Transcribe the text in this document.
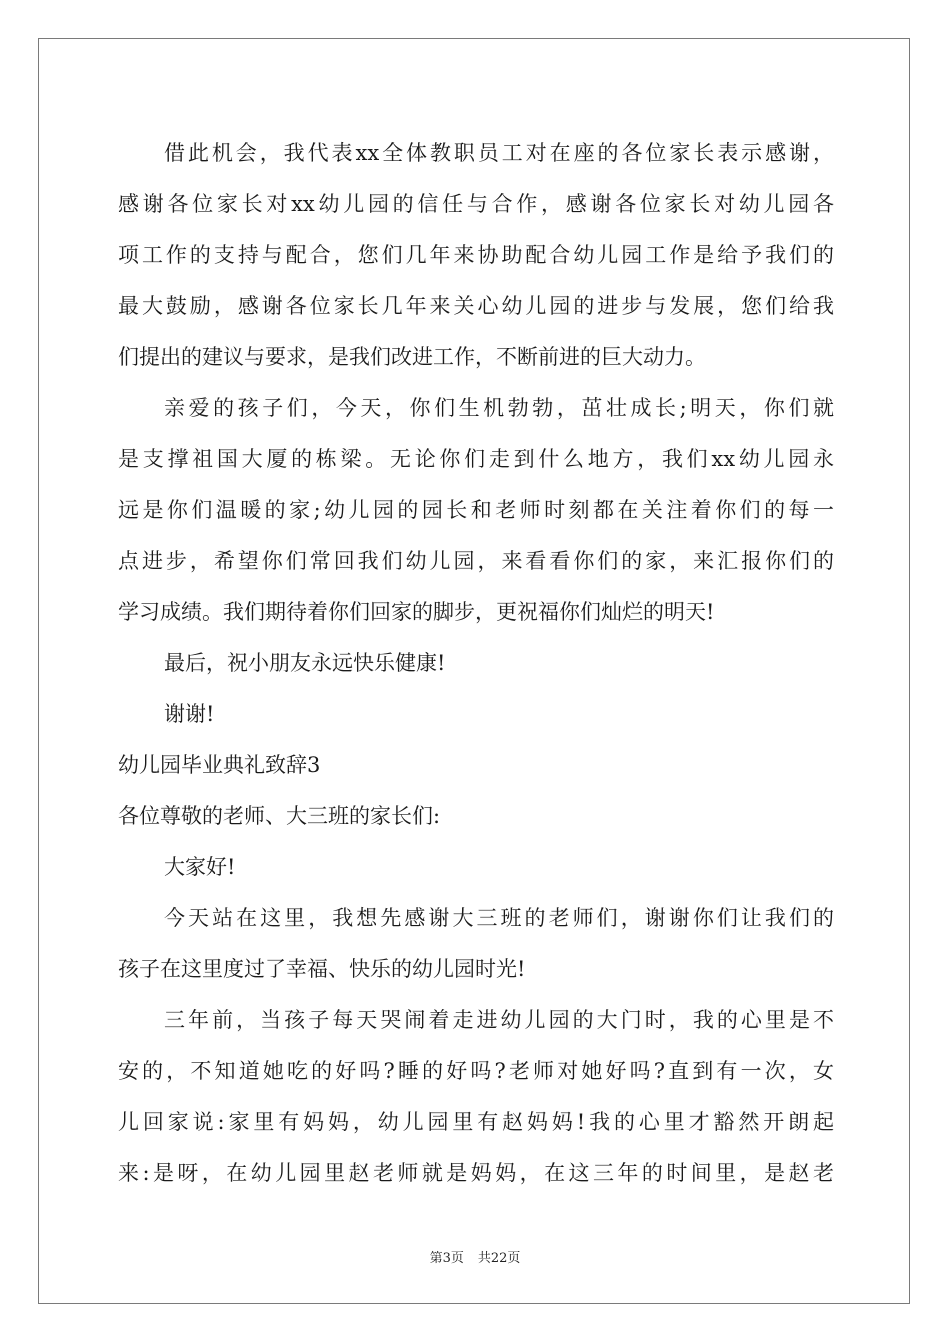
借此机会，我代表xx全体教职员工对在座的各位家长表示感谢，
感谢各位家长对xx幼儿园的信任与合作，感谢各位家长对幼儿园各
项工作的支持与配合，您们几年来协助配合幼儿园工作是给予我们的
最大鼓励，感谢各位家长几年来关心幼儿园的进步与发展，您们给我
们提出的建议与要求，是我们改进工作，不断前进的巨大动力。
亲爱的孩子们，今天，你们生机勃勃，茁壮成长;明天，你们就
是支撑祖国大厦的栋梁。无论你们走到什么地方，我们xx幼儿园永
远是你们温暖的家;幼儿园的园长和老师时刻都在关注着你们的每一
点进步，希望你们常回我们幼儿园，来看看你们的家，来汇报你们的
学习成绩。我们期待着你们回家的脚步，更祝福你们灿烂的明天!
最后，祝小朋友永远快乐健康!
谢谢!
幼儿园毕业典礼致辞3
各位尊敬的老师、大三班的家长们:
大家好!
今天站在这里，我想先感谢大三班的老师们，谢谢你们让我们的
孩子在这里度过了幸福、快乐的幼儿园时光!
三年前，当孩子每天哭闹着走进幼儿园的大门时，我的心里是不
安的，不知道她吃的好吗?睡的好吗?老师对她好吗?直到有一次，女
儿回家说:家里有妈妈，幼儿园里有赵妈妈!我的心里才豁然开朗起
来:是呀，在幼儿园里赵老师就是妈妈，在这三年的时间里，是赵老
第3页 共22页
